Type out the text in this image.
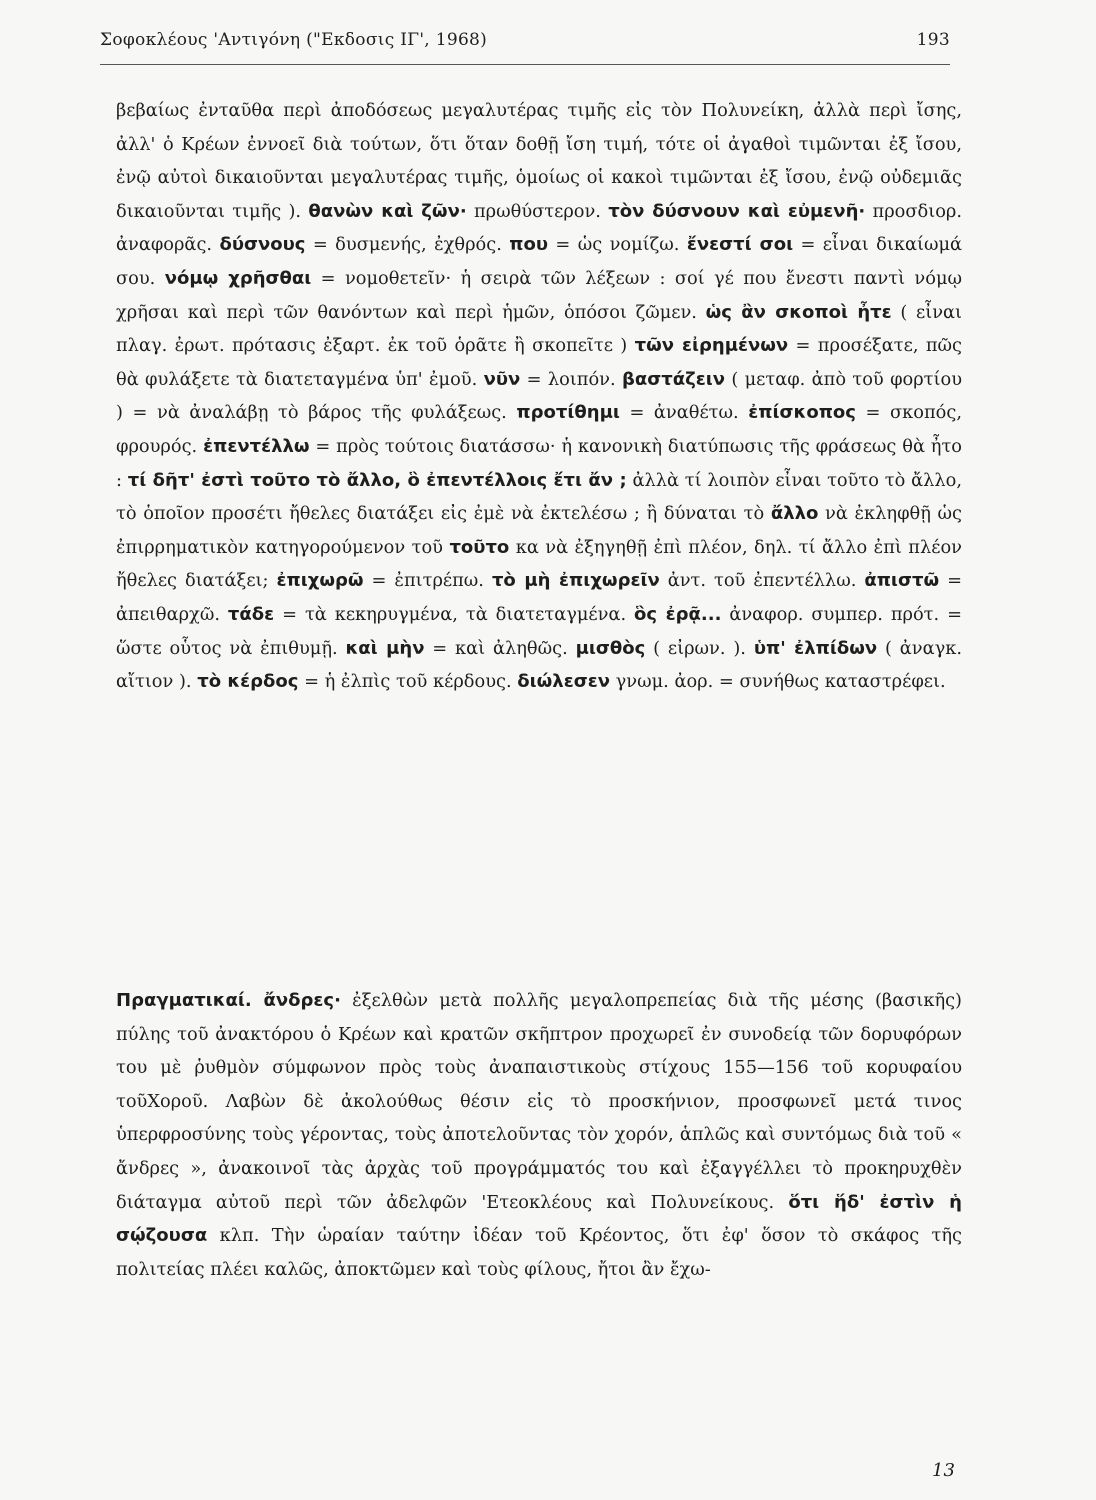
Σοφοκλέους 'Αντιγόνη ("Εκδοσις ΙΓ', 1968)	193

βεβαίως ἐνταῦθα περὶ ἀποδόσεως μεγαλυτέρας τιμῆς εἰς τὸν Πολυνείκη, ἀλλὰ περὶ ἴσης, ἀλλ' ὁ Κρέων ἐννοεῖ διὰ τούτων, ὅτι ὅταν δοθῇ ἴση τιμή, τότε οἱ ἀγαθοὶ τιμῶνται ἐξ ἴσου, ἐνῷ αὐτοὶ δικαιοῦνται μεγαλυτέρας τιμῆς, ὁμοίως οἱ κακοὶ τιμῶνται ἐξ ἴσου, ἐνῷ οὐδεμιᾶς δικαιοῦνται τιμῆς ). θανὼν καὶ ζῶν· πρωθύστερον. τὸν δύσνουν καὶ εὐμενῆ· προσδιορ. ἀναφορᾶς. δύσνους = δυσμενής, ἐχθρός. που = ὡς νομίζω. ἔνεστί σοι = εἶναι δικαίωμά σου. νόμῳ χρῆσθαι = νομοθετεῖν· ἡ σειρὰ τῶν λέξεων : σοί γέ που ἔνεστι παντὶ νόμῳ χρῆσαι καὶ περὶ τῶν θανόντων καὶ περὶ ἡμῶν, ὁπόσοι ζῶμεν. ὡς ἂν σκοποὶ ἦτε ( εἶναι πλαγ. ἐρωτ. πρότασις ἐξαρτ. ἐκ τοῦ ὁρᾶτε ἢ σκοπεῖτε ) τῶν εἰρημένων = προσέξατε, πῶς θὰ φυλάξετε τὰ διατεταγμένα ὑπ' ἐμοῦ. νῦν = λοιπόν. βαστάζειν ( μεταφ. ἀπὸ τοῦ φορτίου ) = νὰ ἀναλάβῃ τὸ βάρος τῆς φυλάξεως. προτίθημι = ἀναθέτω. ἐπίσκοπος = σκοπός, φρουρός. ἐπεντέλλω = πρὸς τούτοις διατάσσω· ἡ κανονικὴ διατύπωσις τῆς φράσεως θὰ ἦτο : τί δῆτ' ἐστὶ τοῦτο τὸ ἄλλο, ὃ ἐπεντέλλοις ἔτι ἄν ; ἀλλὰ τί λοιπὸν εἶναι τοῦτο τὸ ἄλλο, τὸ ὁποῖον προσέτι ἤθελες διατάξει εἰς ἐμὲ νὰ ἐκτελέσω ; ἢ δύναται τὸ ἄλλο νὰ ἐκληφθῇ ὡς ἐπιρρηματικὸν κατηγορούμενον τοῦ τοῦτο κα νὰ ἐξηγηθῇ ἐπὶ πλέον, δηλ. τί ἄλλο ἐπὶ πλέον ἤθελες διατάξει; ἐπιχωρῶ = ἐπιτρέπω. τὸ μὴ ἐπιχωρεῖν ἀντ. τοῦ ἐπεντέλλω. ἀπιστῶ = ἀπειθαρχῶ. τάδε = τὰ κεκηρυγμένα, τὰ διατεταγμένα. ὃς ἐρᾷ... ἀναφορ. συμπερ. πρότ. = ὥστε οὗτος νὰ ἐπιθυμῇ. καὶ μὴν = καὶ ἀληθῶς. μισθὸς ( εἰρων. ). ὑπ' ἐλπίδων ( ἀναγκ. αἴτιον ). τὸ κέρδος = ἡ ἐλπὶς τοῦ κέρδους. διώλεσεν γνωμ. ἀορ. = συνήθως καταστρέφει.

Πραγματικαί. ἄνδρες· ἐξελθὼν μετὰ πολλῆς μεγαλοπρεπείας διὰ τῆς μέσης (βασικῆς) πύλης τοῦ ἀνακτόρου ὁ Κρέων καὶ κρατῶν σκῆπτρον προχωρεῖ ἐν συνοδείᾳ τῶν δορυφόρων του μὲ ῥυθμὸν σύμφωνον πρὸς τοὺς ἀναπαιστικοὺς στίχους 155—156 τοῦ κορυφαίου τοῦΧοροῦ. Λαβὼν δὲ ἀκολούθως θέσιν εἰς τὸ προσκήνιον, προσφωνεῖ μετά τινος ὑπερφροσύνης τοὺς γέροντας, τοὺς ἀποτελοῦντας τὸν χορόν, ἁπλῶς καὶ συντόμως διὰ τοῦ « ἄνδρες », ἀνακοινοῖ τὰς ἀρχὰς τοῦ προγράμματός του καὶ ἐξαγγέλλει τὸ προκηρυχθὲν διάταγμα αὐτοῦ περὶ τῶν ἀδελφῶν 'Ετεοκλέους καὶ Πολυνείκους. ὅτι ἥδ' ἐστὶν ἡ σῴζουσα κλπ. Τὴν ὡραίαν ταύτην ἰδέαν τοῦ Κρέοντος, ὅτι ἐφ' ὅσον τὸ σκάφος τῆς πολιτείας πλέει καλῶς, ἀποκτῶμεν καὶ τοὺς φίλους, ἤτοι ἂν ἔχω-

13
